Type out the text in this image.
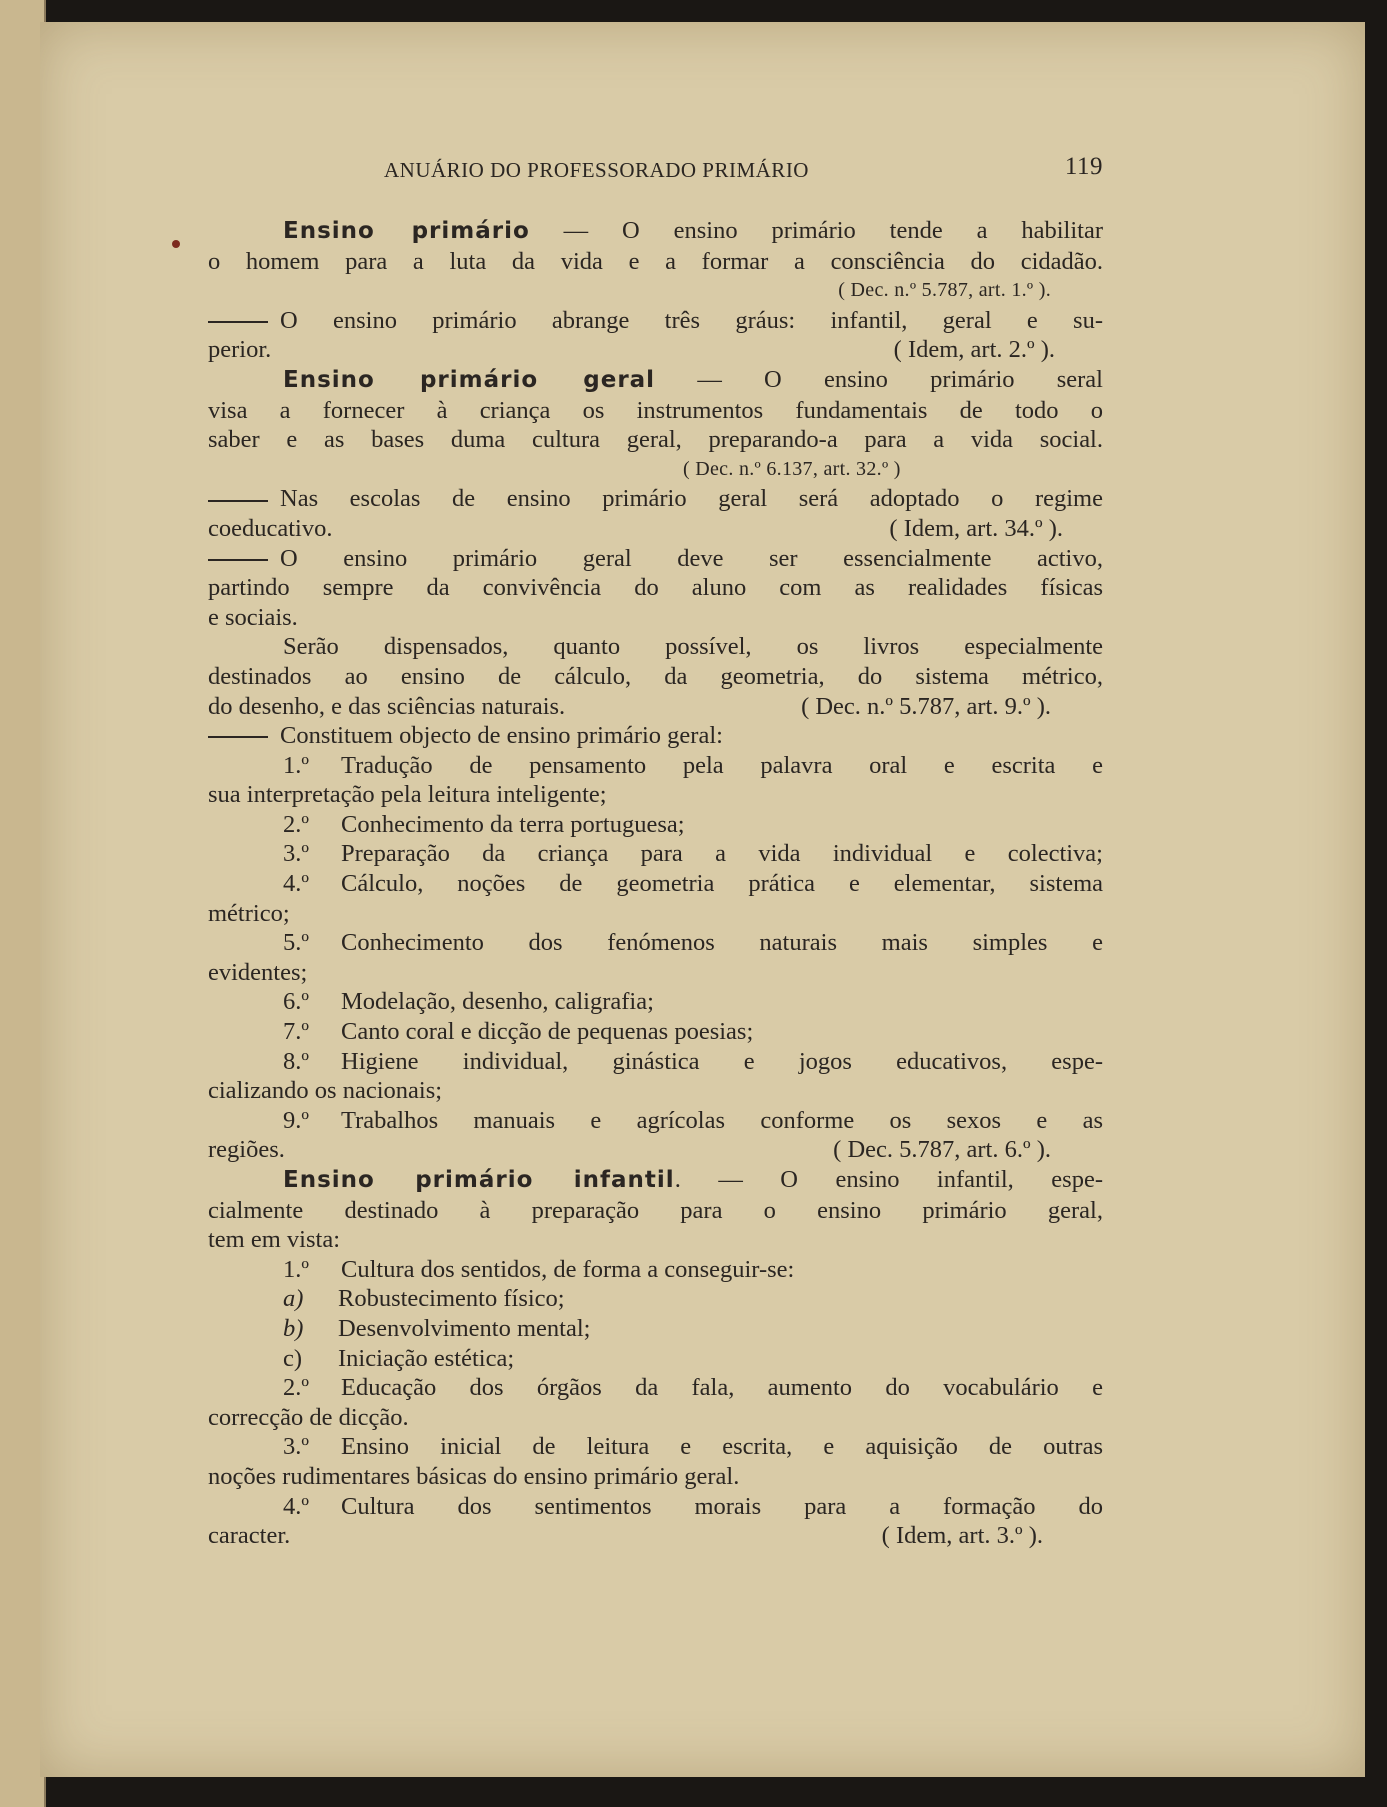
ANUÁRIO DO PROFESSORADO PRIMÁRIO	119
Ensino primário — O ensino primário tende a habilitar
o homem para a luta da vida e a formar a consciência do cidadão.
( Dec. n.º 5.787, art. 1.º ).
O ensino primário abrange três gráus: infantil, geral e su-
perior.	( Idem, art. 2.º ).
Ensino primário geral — O ensino primário seral
visa a fornecer à criança os instrumentos fundamentais de todo o
saber e as bases duma cultura geral, preparando-a para a vida social.
( Dec. n.º 6.137, art. 32.º )
Nas escolas de ensino primário geral será adoptado o regime
coeducativo.	( Idem, art. 34.º ).
O ensino primário geral deve ser essencialmente activo,
partindo sempre da convivência do aluno com as realidades físicas
e sociais.
Serão dispensados, quanto possível, os livros especialmente
destinados ao ensino de cálculo, da geometria, do sistema métrico,
do desenho, e das sciências naturais.	( Dec. n.º 5.787, art. 9.º ).
Constituem objecto de ensino primário geral:
1.º Tradução de pensamento pela palavra oral e escrita e
sua interpretação pela leitura inteligente;
2.º Conhecimento da terra portuguesa;
3.º Preparação da criança para a vida individual e colectiva;
4.º Cálculo, noções de geometria prática e elementar, sistema
métrico;
5.º Conhecimento dos fenómenos naturais mais simples e
evidentes;
6.º Modelação, desenho, caligrafia;
7.º Canto coral e dicção de pequenas poesias;
8.º Higiene individual, ginástica e jogos educativos, espe-
cializando os nacionais;
9.º Trabalhos manuais e agrícolas conforme os sexos e as
regiões.	( Dec. 5.787, art. 6.º ).
Ensino primário infantil. — O ensino infantil, espe-
cialmente destinado à preparação para o ensino primário geral,
tem em vista:
1.º Cultura dos sentidos, de forma a conseguir-se:
a) Robustecimento físico;
b) Desenvolvimento mental;
c) Iniciação estética;
2.º Educação dos órgãos da fala, aumento do vocabulário e
correcção de dicção.
3.º Ensino inicial de leitura e escrita, e aquisição de outras
noções rudimentares básicas do ensino primário geral.
4.º Cultura dos sentimentos morais para a formação do
caracter.	( Idem, art. 3.º ).
